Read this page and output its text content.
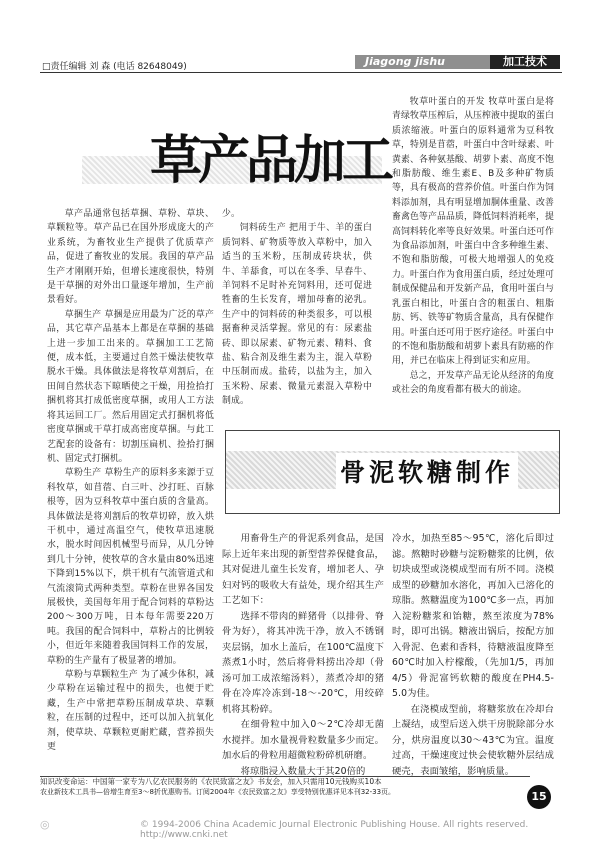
□责任编辑 刘 森 (电话 82648049)	Jiagong jishu	加工技术
草产品加工

草产品通常包括草捆、草粉、草块、草颗粒等。草产品已在国外形成庞大的产业系统，为畜牧业生产提供了优质草产品，促进了畜牧业的发展。我国的草产品生产才刚刚开始，但增长速度很快，特别是干草捆的对外出口量逐年增加，生产前景看好。

草捆生产 草捆是应用最为广泛的草产品，其它草产品基本上都是在草捆的基础上进一步加工出来的。草捆加工工艺简便，成本低，主要通过自然干燥法使牧草脱水干燥。具体做法是将牧草刈割后，在田间自然状态下晾晒使之干燥，用捡拾打捆机将其打成低密度草捆，或用人工方法将其运回工厂。然后用固定式打捆机将低密度草捆或干草打成高密度草捆。与此工艺配套的设备有：切割压扁机、捡拾打捆机、固定式打捆机。

草粉生产 草粉生产的原料多来源于豆科牧草，如苜蓿、白三叶、沙打旺、百脉根等，因为豆科牧草中蛋白质的含量高。具体做法是将刈割后的牧草切碎，放入烘干机中，通过高温空气，使牧草迅速脱水，脱水时间因机械型号而异，从几分钟到几十分钟，使牧草的含水量由80%迅速下降到15%以下，烘干机有气流管道式和气流滚筒式两种类型。草粉在世界各国发展极快，美国每年用于配合饲料的草粉达200～300万吨，日本每年需要220万吨。我国的配合饲料中，草粉占的比例较小，但近年来随着我国饲料工作的发展，草粉的生产量有了极显著的增加。

草粉与草颗粒生产 为了减少体积，减少草粉在运输过程中的损失，也便于贮藏，生产中常把草粉压制成草块、草颗粒，在压制的过程中，还可以加入抗氧化剂，使草块、草颗粒更耐贮藏，营养损失更

少。

饲料砖生产 把用于牛、羊的蛋白质饲料、矿物质等放入草粉中，加入适当的玉米粉，压制成砖块状，供牛、羊舔食，可以在冬季、早春牛、羊饲料不足时补充饲料用，还可促进牲畜的生长发育，增加母畜的泌乳。生产中的饲料砖的种类很多，可以根据畜种灵活掌握。常见的有：尿素盐砖、即以尿素、矿物元素、精料、食盐、粘合剂及维生素为主，混入草粉中压制而成。盐砖，以盐为主，加入玉米粉、尿素、微量元素混入草粉中制成。

牧草叶蛋白的开发 牧草叶蛋白是将青绿牧草压榨后，从压榨液中提取的蛋白质浓缩液。叶蛋白的原料通常为豆科牧草，特别是苜蓿，叶蛋白中含叶绿素、叶黄素、各种氨基酸、胡萝卜素、高度不饱和脂肪酸、维生素E、B及多种矿物质等，具有极高的营养价值。叶蛋白作为饲料添加剂，具有明显增加胴体重量、改善畜禽色等产品品质，降低饲料消耗率，提高饲料转化率等良好效果。叶蛋白还可作为食品添加剂，叶蛋白中含多种维生素、不饱和脂肪酸，可极大地增强人的免疫力。叶蛋白作为食用蛋白质，经过处理可制成保健品和开发新产品，食用叶蛋白与乳蛋白相比，叶蛋白含的粗蛋白、粗脂肪、钙、铁等矿物质含量高，具有保健作用。叶蛋白还可用于医疗途径。叶蛋白中的不饱和脂肪酸和胡萝卜素具有防癌的作用，并已在临床上得到证实和应用。

总之，开发草产品无论从经济的角度或社会的角度看都有极大的前途。

骨泥软糖制作

用畜骨生产的骨泥系列食品，是国际上近年来出现的新型营养保健食品，其对促进儿童生长发育，增加老人、孕妇对钙的吸收大有益处，现介绍其生产工艺如下：

选择不带肉的鲜猪骨（以排骨、脊骨为好），将其冲洗干净，放入不锈钢夹层锅，加水上盖后，在100℃温度下蒸煮1小时，然后将骨料捞出冷却（骨汤可加工成浓缩汤料），蒸煮冷却的猪骨在冷库冷冻到-18～-20℃，用绞碎机将其粉碎。

在细骨粒中加入0～2℃冷却无菌水搅拌。加水量视骨粒数量多少而定。加水后的骨粒用超微粒粉碎机研磨。

将琼脂浸入数量大于其20倍的

冷水，加热至85～95℃，溶化后即过滤。熬糖时砂糖与淀粉糖浆的比例，依切块成型或浇模成型而有所不同。浇模成型的砂糖加水溶化，再加入已溶化的琼脂。熬糖温度为100℃多一点，再加入淀粉糖浆和饴糖，熬至浓度为78%时，即可出锅。糖液出锅后，按配方加入骨泥、色素和香料，待糖液温度降至60℃时加入柠檬酸，（先加1/5，再加4/5）骨泥富钙软糖的酸度在PH4.5-5.0为佳。

在浇模成型前，将糖浆放在冷却台上凝结，成型后送入烘干房脱除部分水分，烘房温度以30～43℃为宜。温度过高，干燥速度过快会使软糖外层结成硬壳，表面皱缩，影响质量。

知识改变命运：中国第一家专为八亿农民服务的《农民致富之友》书友会，加入只需用10元钱购买10本
农业新技术工具书—倍增生育至3～8折优惠购书。订阅2004年《农民致富之友》享受特别优惠详见本刊32-33页。	15
◎	© 1994-2006 China Academic Journal Electronic Publishing House. All rights reserved. http://www.cnki.net
